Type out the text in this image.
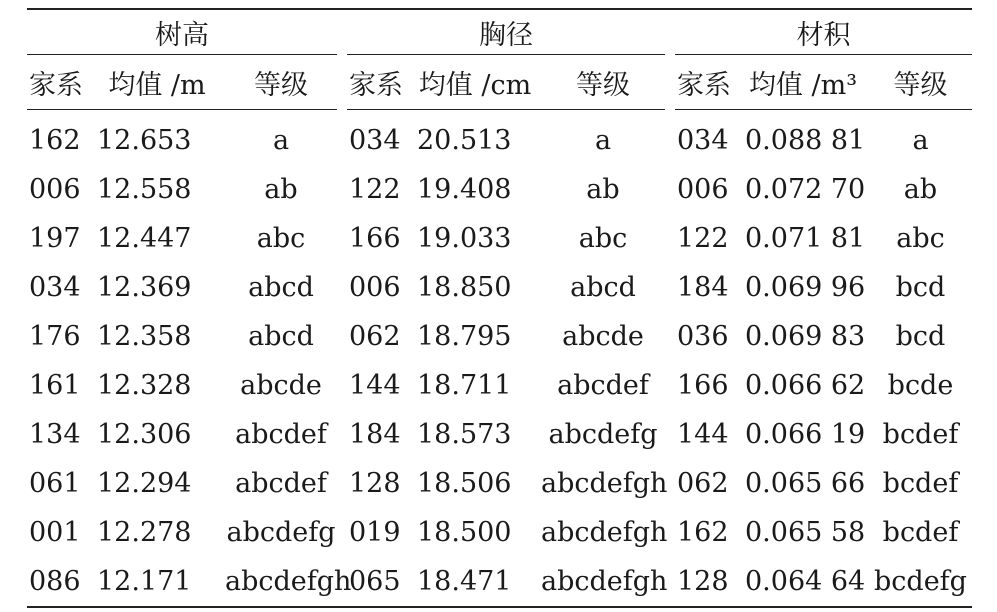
树高				胸径				材积		
家系	均值 /m	等级		家系	均值 /cm	等级		家系	均值 /m³	等级
162	12.653	a		034	20.513	a		034	0.088 81	a
006	12.558	ab		122	19.408	ab		006	0.072 70	ab
197	12.447	abc		166	19.033	abc		122	0.071 81	abc
034	12.369	abcd		006	18.850	abcd		184	0.069 96	bcd
176	12.358	abcd		062	18.795	abcde		036	0.069 83	bcd
161	12.328	abcde		144	18.711	abcdef		166	0.066 62	bcde
134	12.306	abcdef		184	18.573	abcdefg		144	0.066 19	bcdef
061	12.294	abcdef		128	18.506	abcdefgh		062	0.065 66	bcdef
001	12.278	abcdefg		019	18.500	abcdefgh		162	0.065 58	bcdef
086	12.171	abcdefgh		065	18.471	abcdefgh		128	0.064 64	bcdefg
